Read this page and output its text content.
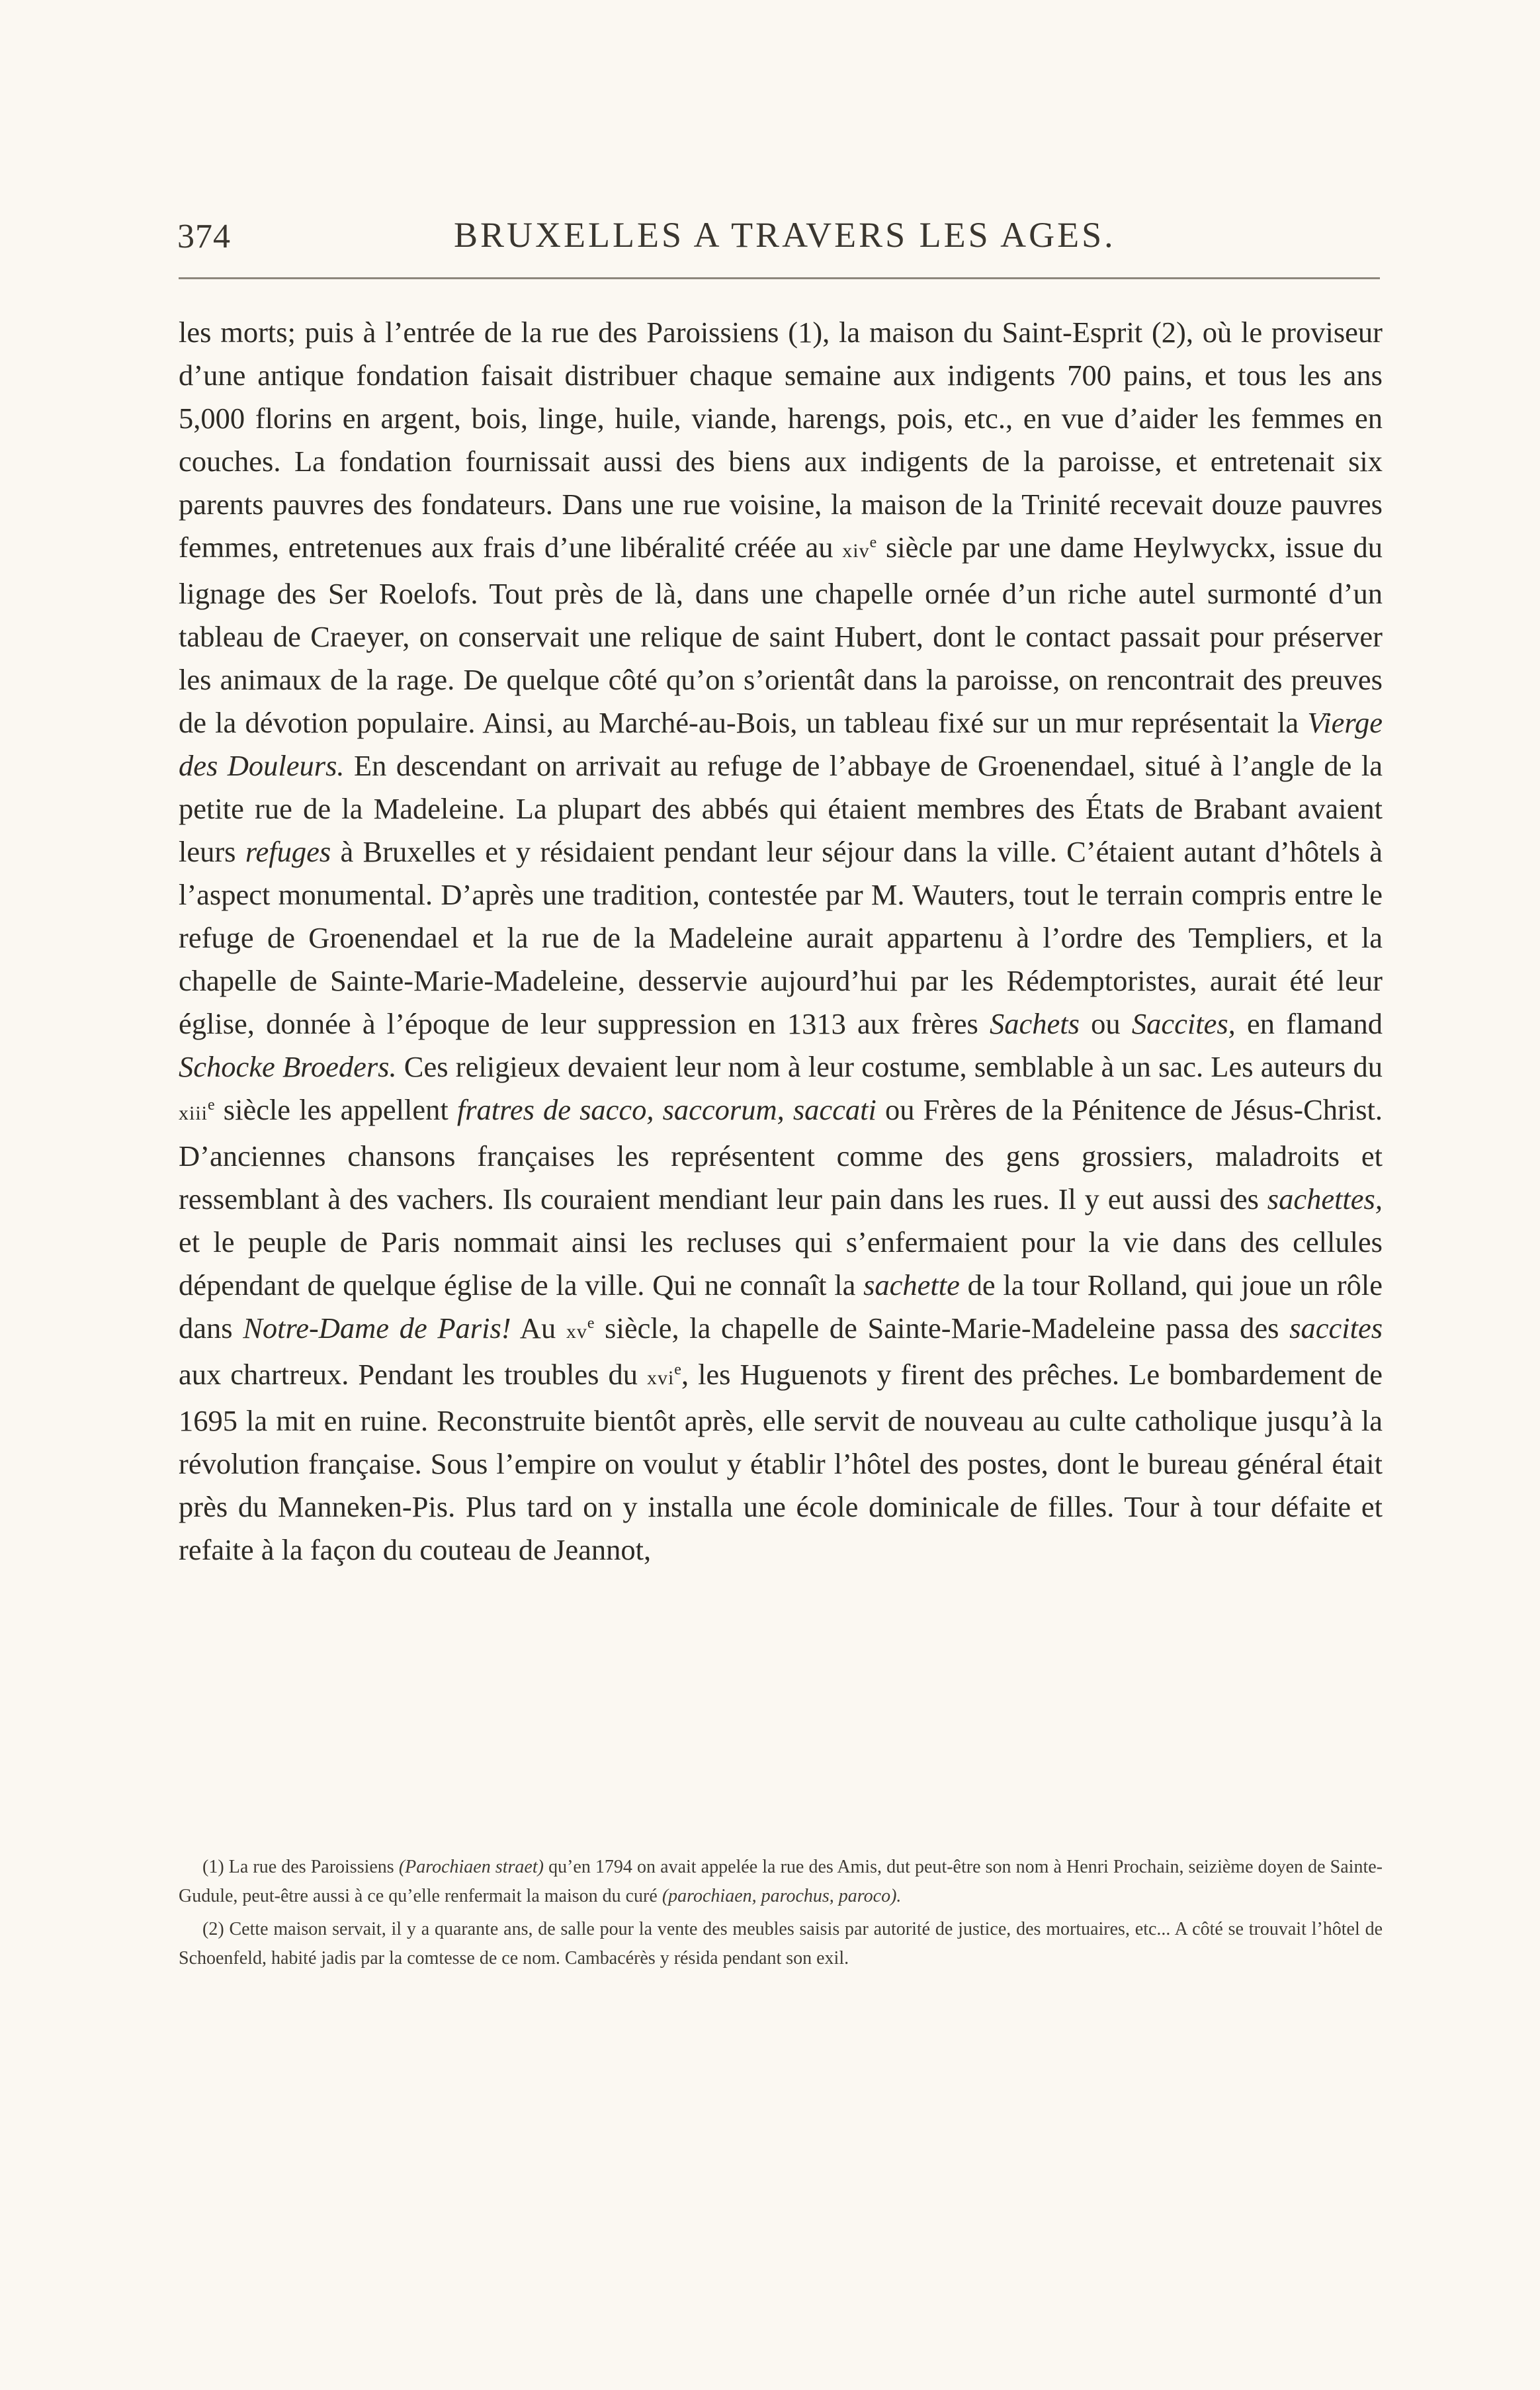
374	BRUXELLES A TRAVERS LES AGES.

les morts; puis à l’entrée de la rue des Paroissiens (1), la maison du Saint-Esprit (2), où le proviseur d’une antique fondation faisait distribuer chaque semaine aux indigents 700 pains, et tous les ans 5,000 florins en argent, bois, linge, huile, viande, harengs, pois, etc., en vue d’aider les femmes en couches. La fondation fournissait aussi des biens aux indigents de la paroisse, et entretenait six parents pauvres des fondateurs. Dans une rue voisine, la maison de la Trinité recevait douze pauvres femmes, entretenues aux frais d’une libéralité créée au xiv$^e$ siècle par une dame Heylwyckx, issue du lignage des Ser Roelofs. Tout près de là, dans une chapelle ornée d’un riche autel surmonté d’un tableau de Craeyer, on conservait une relique de saint Hubert, dont le contact passait pour préserver les animaux de la rage. De quelque côté qu’on s’orientât dans la paroisse, on rencontrait des preuves de la dévotion populaire. Ainsi, au Marché-au-Bois, un tableau fixé sur un mur représentait la Vierge des Douleurs. En descendant on arrivait au refuge de l’abbaye de Groenendael, situé à l’angle de la petite rue de la Madeleine. La plupart des abbés qui étaient membres des États de Brabant avaient leurs refuges à Bruxelles et y résidaient pendant leur séjour dans la ville. C’étaient autant d’hôtels à l’aspect monumental. D’après une tradition, contestée par M. Wauters, tout le terrain compris entre le refuge de Groenendael et la rue de la Madeleine aurait appartenu à l’ordre des Templiers, et la chapelle de Sainte-Marie-Madeleine, desservie aujourd’hui par les Rédemptoristes, aurait été leur église, donnée à l’époque de leur suppression en 1313 aux frères Sachets ou Saccites, en flamand Schocke Broeders. Ces religieux devaient leur nom à leur costume, semblable à un sac. Les auteurs du xiii$^e$ siècle les appellent fratres de sacco, saccorum, saccati ou Frères de la Pénitence de Jésus-Christ. D’anciennes chansons françaises les représentent comme des gens grossiers, maladroits et ressemblant à des vachers. Ils couraient mendiant leur pain dans les rues. Il y eut aussi des sachettes, et le peuple de Paris nommait ainsi les recluses qui s’enfermaient pour la vie dans des cellules dépendant de quelque église de la ville. Qui ne connaît la sachette de la tour Rolland, qui joue un rôle dans Notre-Dame de Paris! Au $xv^e$ siècle, la chapelle de Sainte-Marie-Madeleine passa des saccites aux chartreux. Pendant les troubles du xvi$^e$, les Huguenots y firent des prêches. Le bombardement de 1695 la mit en ruine. Reconstruite bientôt après, elle servit de nouveau au culte catholique jusqu’à la révolution française. Sous l’empire on voulut y établir l’hôtel des postes, dont le bureau général était près du Manneken-Pis. Plus tard on y installa une école dominicale de filles. Tour à tour défaite et refaite à la façon du couteau de Jeannot,

(1) La rue des Paroissiens (Parochiaen straet) qu’en 1794 on avait appelée la rue des Amis, dut peut-être son nom à Henri Prochain, seizième doyen de Sainte-Gudule, peut-être aussi à ce qu’elle renfermait la maison du curé (parochiaen, parochus, paroco).

(2) Cette maison servait, il y a quarante ans, de salle pour la vente des meubles saisis par autorité de justice, des mortuaires, etc... A côté se trouvait l’hôtel de Schoenfeld, habité jadis par la comtesse de ce nom. Cambacérès y résida pendant son exil.
